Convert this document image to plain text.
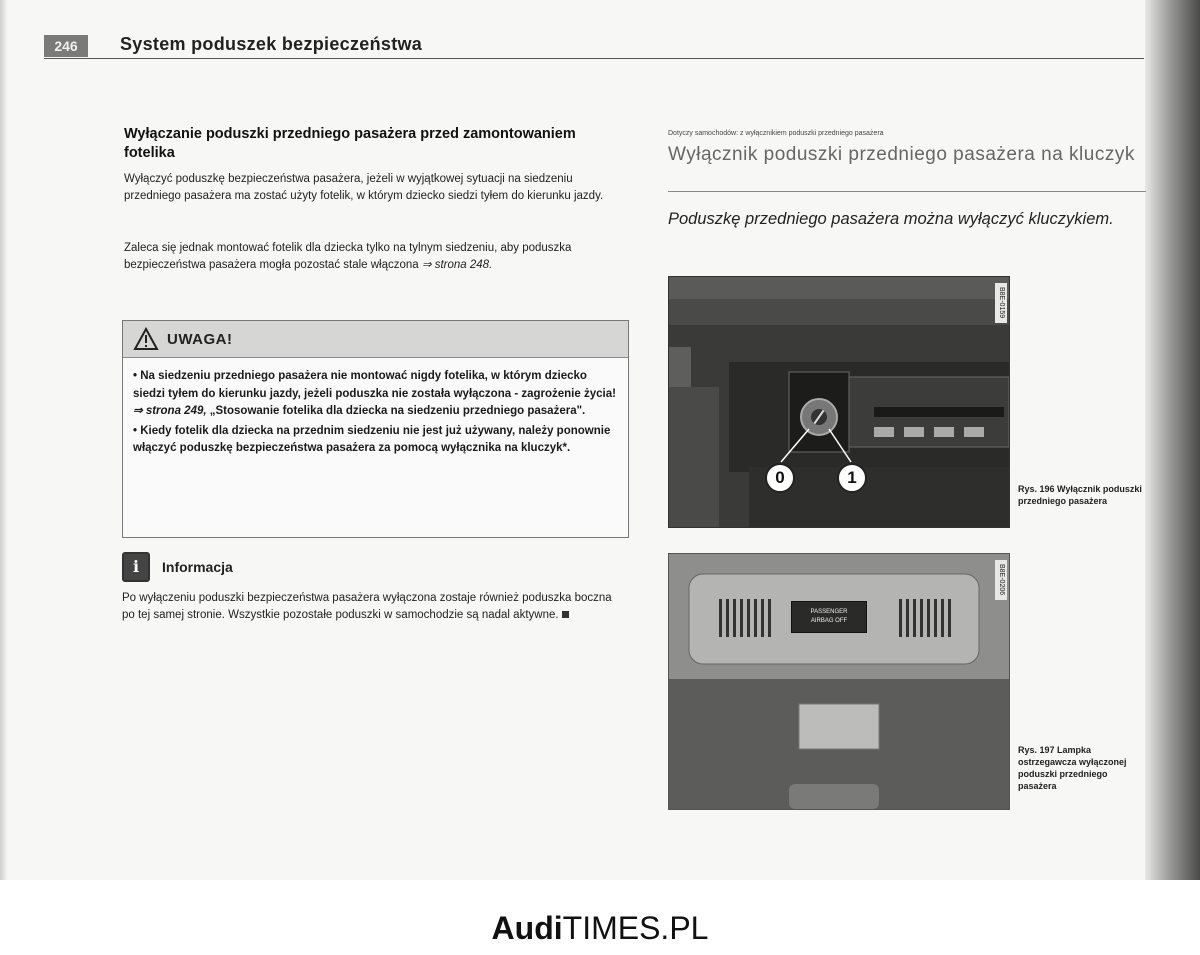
246	System poduszek bezpieczeństwa
Wyłączanie poduszki przedniego pasażera przed zamontowaniem fotelika
Wyłączyć poduszkę bezpieczeństwa pasażera, jeżeli w wyjątkowej sytuacji na siedzeniu przedniego pasażera ma zostać użyty fotelik, w którym dziecko siedzi tyłem do kierunku jazdy.
Zaleca się jednak montować fotelik dla dziecka tylko na tylnym siedzeniu, aby poduszka bezpieczeństwa pasażera mogła pozostać stale włączona ⇒ strona 248.
UWAGA!

• Na siedzeniu przedniego pasażera nie montować nigdy fotelika, w którym dziecko siedzi tyłem do kierunku jazdy, jeżeli poduszka nie została wyłączona - zagrożenie życia! ⇒ strona 249, „Stosowanie fotelika dla dziecka na siedzeniu przedniego pasażera".

• Kiedy fotelik dla dziecka na przednim siedzeniu nie jest już używany, należy ponownie włączyć poduszkę bezpieczeństwa pasażera za pomocą wyłącznika na kluczyk*.

i	Informacja
Po wyłączeniu poduszki bezpieczeństwa pasażera wyłączona zostaje również poduszka boczna po tej samej stronie. Wszystkie pozostałe poduszki w samochodzie są nadal aktywne.
Dotyczy samochodów: z wyłącznikiem poduszki przedniego pasażera
Wyłącznik poduszki przedniego pasażera na kluczyk
Poduszkę przedniego pasażera można wyłączyć kluczykiem.
B8E-0159
0	1
Rys. 196 Wyłącznik poduszki przedniego pasażera
PASSENGER
AIRBAG OFF
B8E-0206
Rys. 197 Lampka ostrzegawcza wyłączonej poduszki przedniego pasażera
AudiTIMES.PL
